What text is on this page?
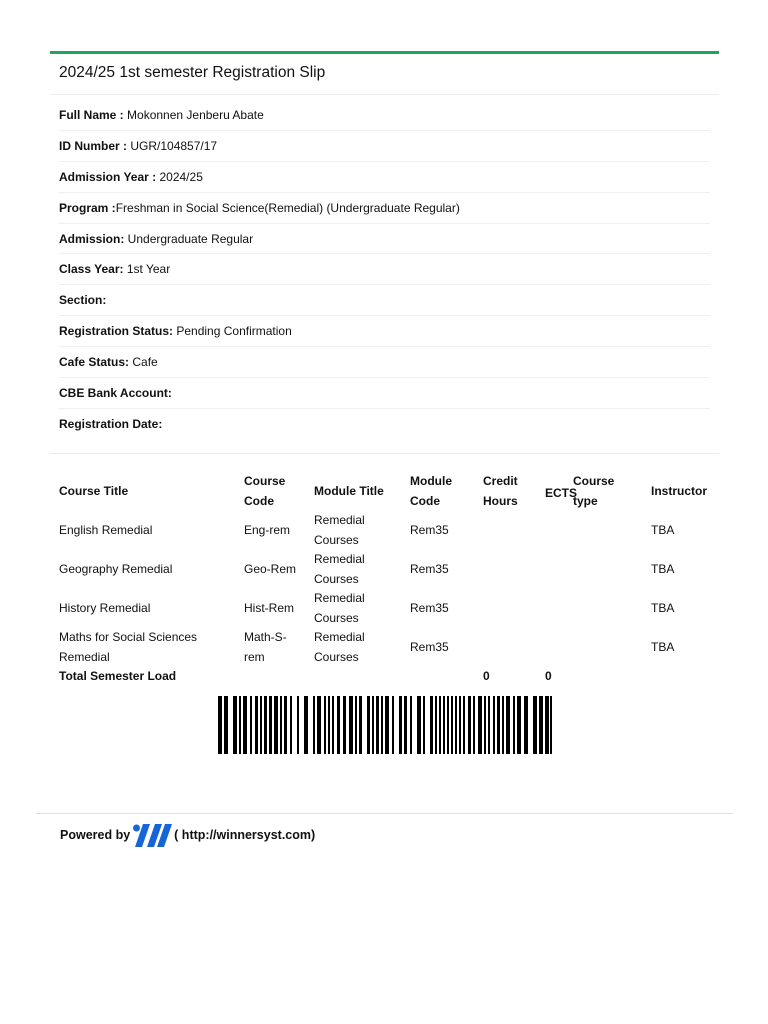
2024/25 1st semester Registration Slip
Full Name : Mokonnen Jenberu Abate
ID Number : UGR/104857/17
Admission Year : 2024/25
Program :Freshman in Social Science(Remedial) (Undergraduate Regular)
Admission: Undergraduate Regular
Class Year: 1st Year
Section:
Registration Status: Pending Confirmation
Cafe Status: Cafe
CBE Bank Account:
Registration Date:
Course Title	Course Code	Module Title	Module Code	Credit Hours	ECTS	Course type	Instructor
English Remedial	Eng-rem	Remedial Courses	Rem35				TBA
Geography Remedial	Geo-Rem	Remedial Courses	Rem35				TBA
History Remedial	Hist-Rem	Remedial Courses	Rem35				TBA
Maths for Social Sciences Remedial	Math-S-rem	Remedial Courses	Rem35				TBA
Total Semester Load				0	0		
Powered by	( http://winnersyst.com)
